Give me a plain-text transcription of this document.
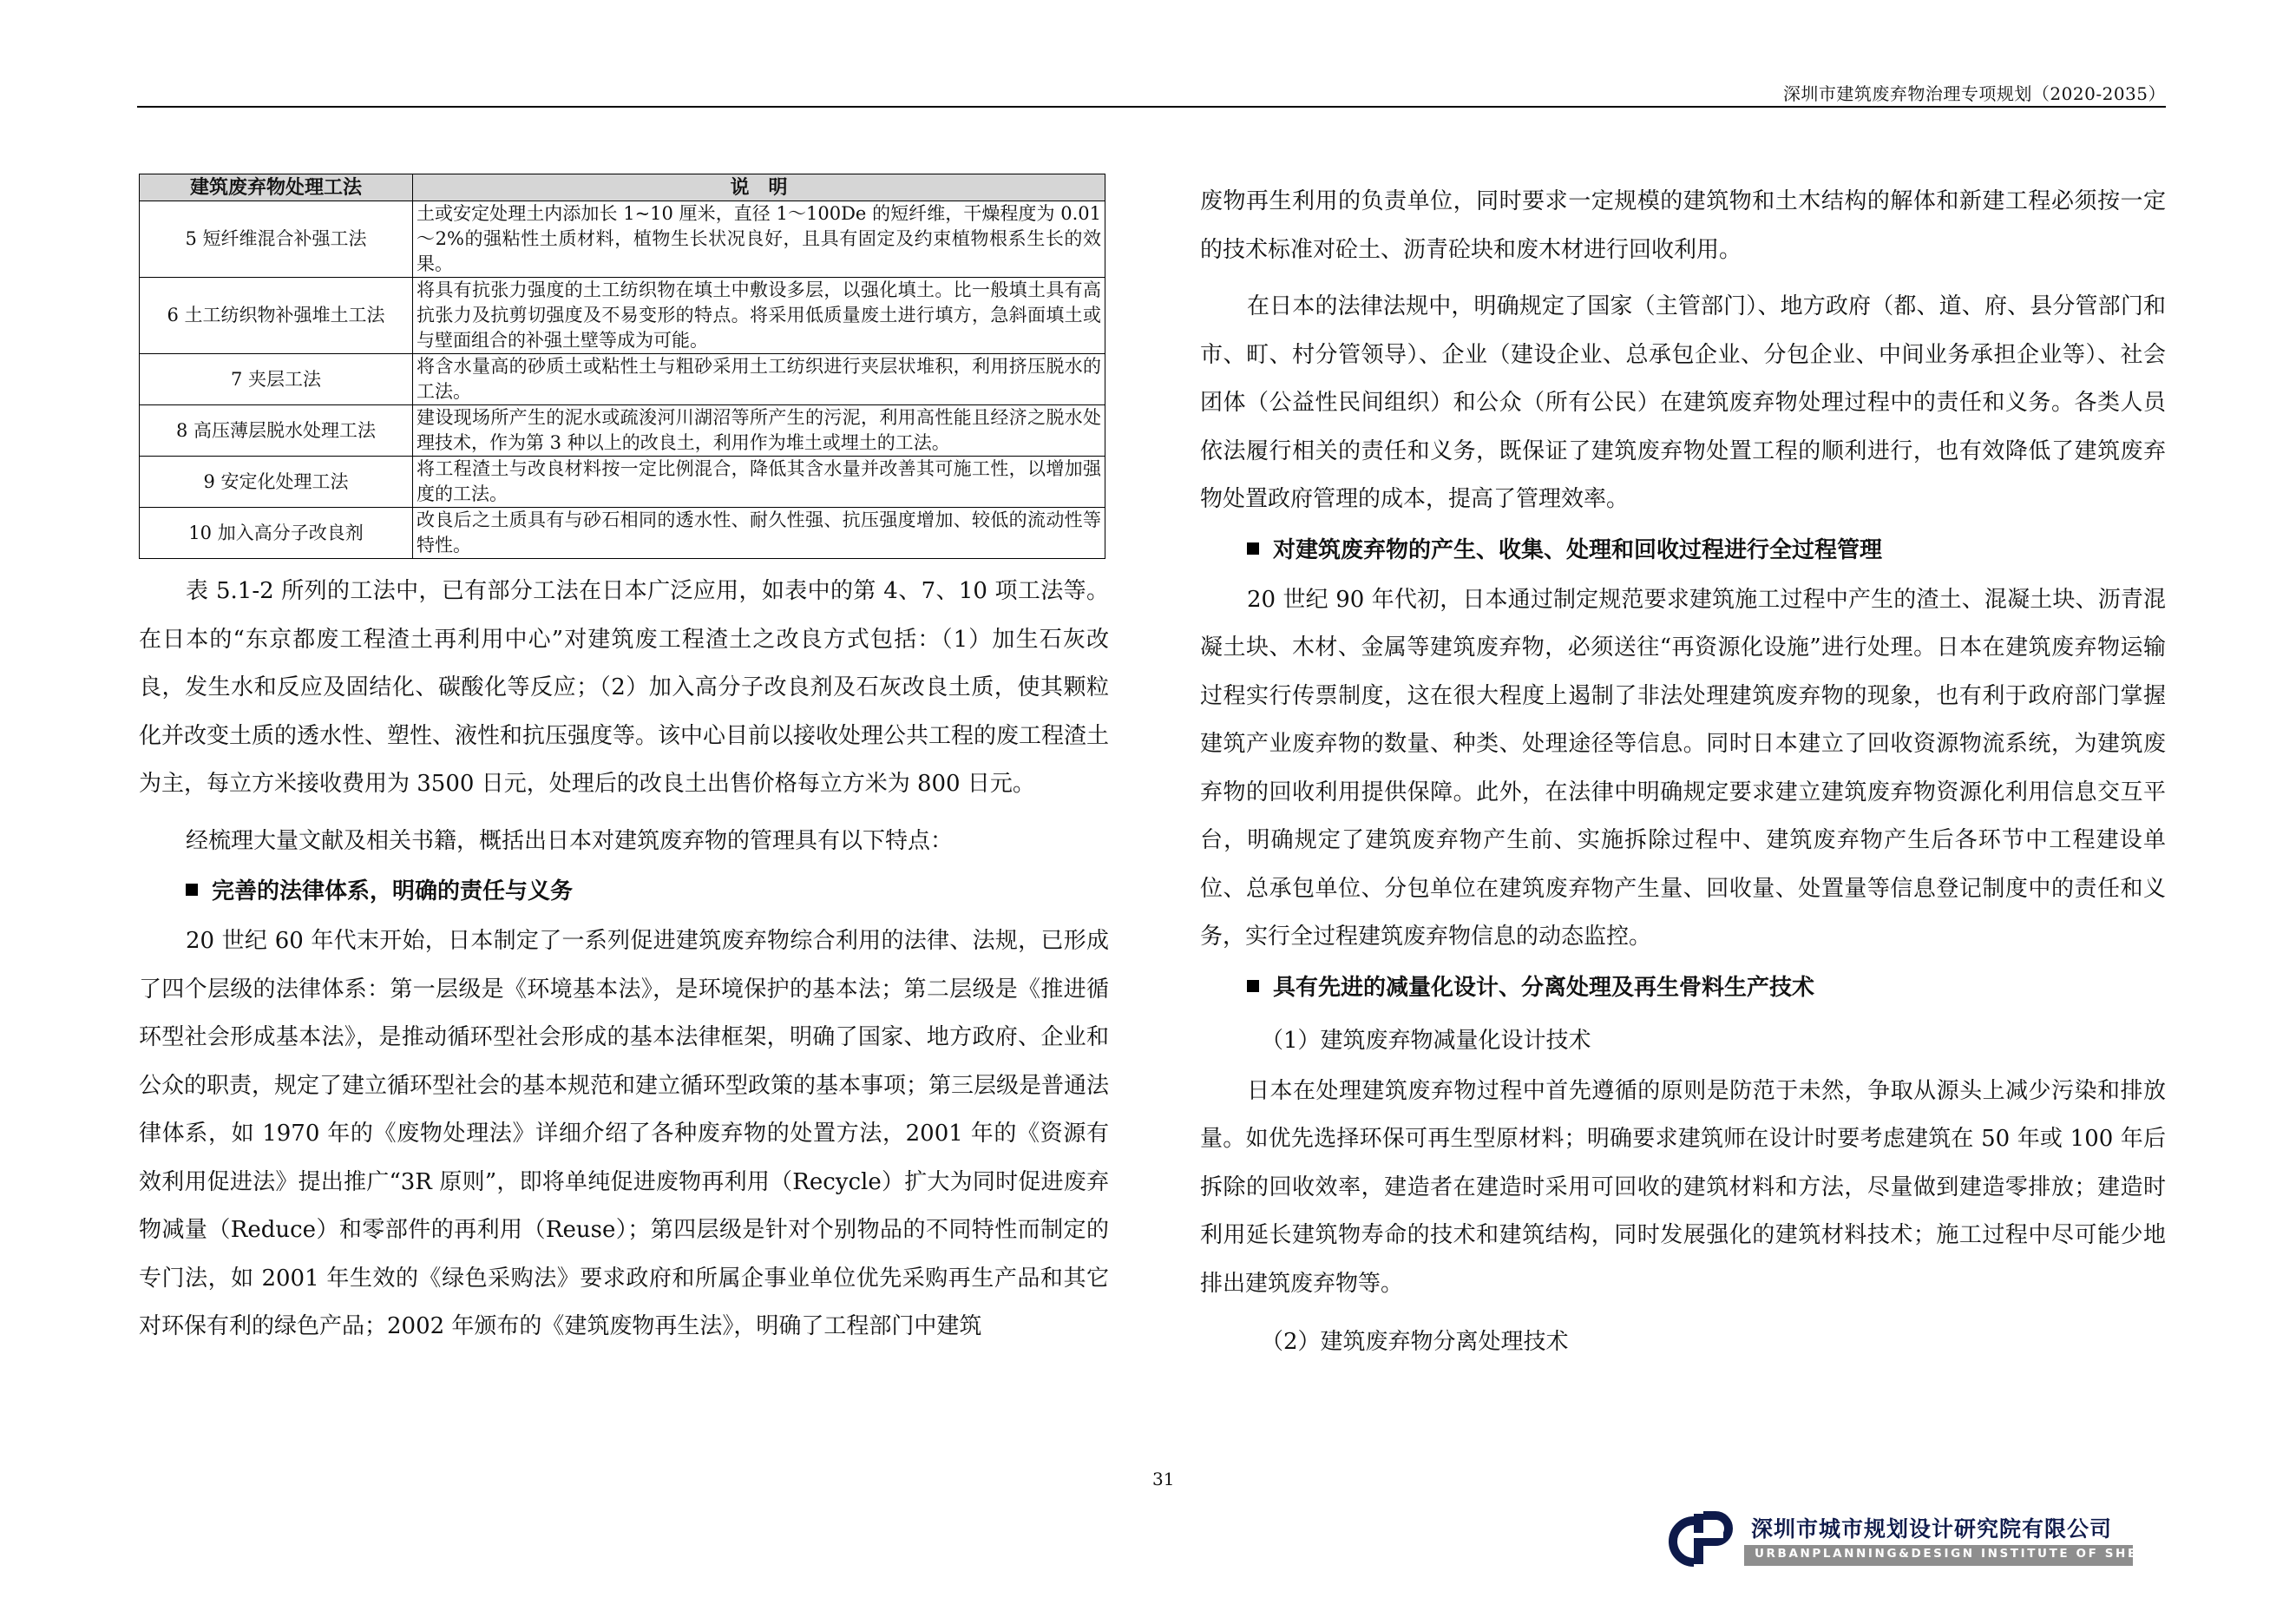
深圳市建筑废弃物治理专项规划（2020-2035）
建筑废弃物处理工法	说　明
5 短纤维混合补强工法	土或安定处理土内添加长 1~10 厘米，直径 1～100De 的短纤维，干燥程度为 0.01～2%的强粘性土质材料，植物生长状况良好，且具有固定及约束植物根系生长的效果。
6 土工纺织物补强堆土工法	将具有抗张力强度的土工纺织物在填土中敷设多层，以强化填土。比一般填土具有高抗张力及抗剪切强度及不易变形的特点。将采用低质量废土进行填方，急斜面填土或与壁面组合的补强土壁等成为可能。
7 夹层工法	将含水量高的砂质土或粘性土与粗砂采用土工纺织进行夹层状堆积，利用挤压脱水的工法。
8 高压薄层脱水处理工法	建设现场所产生的泥水或疏浚河川湖沼等所产生的污泥，利用高性能且经济之脱水处理技术，作为第 3 种以上的改良土，利用作为堆土或埋土的工法。
9 安定化处理工法	将工程渣土与改良材料按一定比例混合，降低其含水量并改善其可施工性，以增加强度的工法。
10 加入高分子改良剂	改良后之土质具有与砂石相同的透水性、耐久性强、抗压强度增加、较低的流动性等特性。

表 5.1-2 所列的工法中，已有部分工法在日本广泛应用，如表中的第 4、7、10 项工法等。在日本的“东京都废工程渣土再利用中心”对建筑废工程渣土之改良方式包括：（1）加生石灰改良，发生水和反应及固结化、碳酸化等反应；（2）加入高分子改良剂及石灰改良土质，使其颗粒化并改变土质的透水性、塑性、液性和抗压强度等。该中心目前以接收处理公共工程的废工程渣土为主，每立方米接收费用为 3500 日元，处理后的改良土出售价格每立方米为 800 日元。

经梳理大量文献及相关书籍，概括出日本对建筑废弃物的管理具有以下特点：

完善的法律体系，明确的责任与义务

20 世纪 60 年代末开始，日本制定了一系列促进建筑废弃物综合利用的法律、法规，已形成了四个层级的法律体系：第一层级是《环境基本法》，是环境保护的基本法；第二层级是《推进循环型社会形成基本法》，是推动循环型社会形成的基本法律框架，明确了国家、地方政府、企业和公众的职责，规定了建立循环型社会的基本规范和建立循环型政策的基本事项；第三层级是普通法律体系，如 1970 年的《废物处理法》详细介绍了各种废弃物的处置方法，2001 年的《资源有效利用促进法》提出推广“3R 原则”，即将单纯促进废物再利用（Recycle）扩大为同时促进废弃物减量（Reduce）和零部件的再利用（Reuse）；第四层级是针对个别物品的不同特性而制定的专门法，如 2001 年生效的《绿色采购法》要求政府和所属企事业单位优先采购再生产品和其它对环保有利的绿色产品；2002 年颁布的《建筑废物再生法》，明确了工程部门中建筑

废物再生利用的负责单位，同时要求一定规模的建筑物和土木结构的解体和新建工程必须按一定的技术标准对砼土、沥青砼块和废木材进行回收利用。

在日本的法律法规中，明确规定了国家（主管部门）、地方政府（都、道、府、县分管部门和市、町、村分管领导）、企业（建设企业、总承包企业、分包企业、中间业务承担企业等）、社会团体（公益性民间组织）和公众（所有公民）在建筑废弃物处理过程中的责任和义务。各类人员依法履行相关的责任和义务，既保证了建筑废弃物处置工程的顺利进行，也有效降低了建筑废弃物处置政府管理的成本，提高了管理效率。

对建筑废弃物的产生、收集、处理和回收过程进行全过程管理

20 世纪 90 年代初，日本通过制定规范要求建筑施工过程中产生的渣土、混凝土块、沥青混凝土块、木材、金属等建筑废弃物，必须送往“再资源化设施”进行处理。日本在建筑废弃物运输过程实行传票制度，这在很大程度上遏制了非法处理建筑废弃物的现象，也有利于政府部门掌握建筑产业废弃物的数量、种类、处理途径等信息。同时日本建立了回收资源物流系统，为建筑废弃物的回收利用提供保障。此外，在法律中明确规定要求建立建筑废弃物资源化利用信息交互平台，明确规定了建筑废弃物产生前、实施拆除过程中、建筑废弃物产生后各环节中工程建设单位、总承包单位、分包单位在建筑废弃物产生量、回收量、处置量等信息登记制度中的责任和义务，实行全过程建筑废弃物信息的动态监控。

具有先进的减量化设计、分离处理及再生骨料生产技术
（1）建筑废弃物减量化设计技术

日本在处理建筑废弃物过程中首先遵循的原则是防范于未然，争取从源头上减少污染和排放量。如优先选择环保可再生型原材料；明确要求建筑师在设计时要考虑建筑在 50 年或 100 年后拆除的回收效率，建造者在建造时采用可回收的建筑材料和方法，尽量做到建造零排放；建造时利用延长建筑物寿命的技术和建筑结构，同时发展强化的建筑材料技术；施工过程中尽可能少地排出建筑废弃物等。

（2）建筑废弃物分离处理技术
31
深圳市城市规划设计研究院有限公司
URBANPLANNING&DESIGN INSTITUTE OF SHENZHEN
